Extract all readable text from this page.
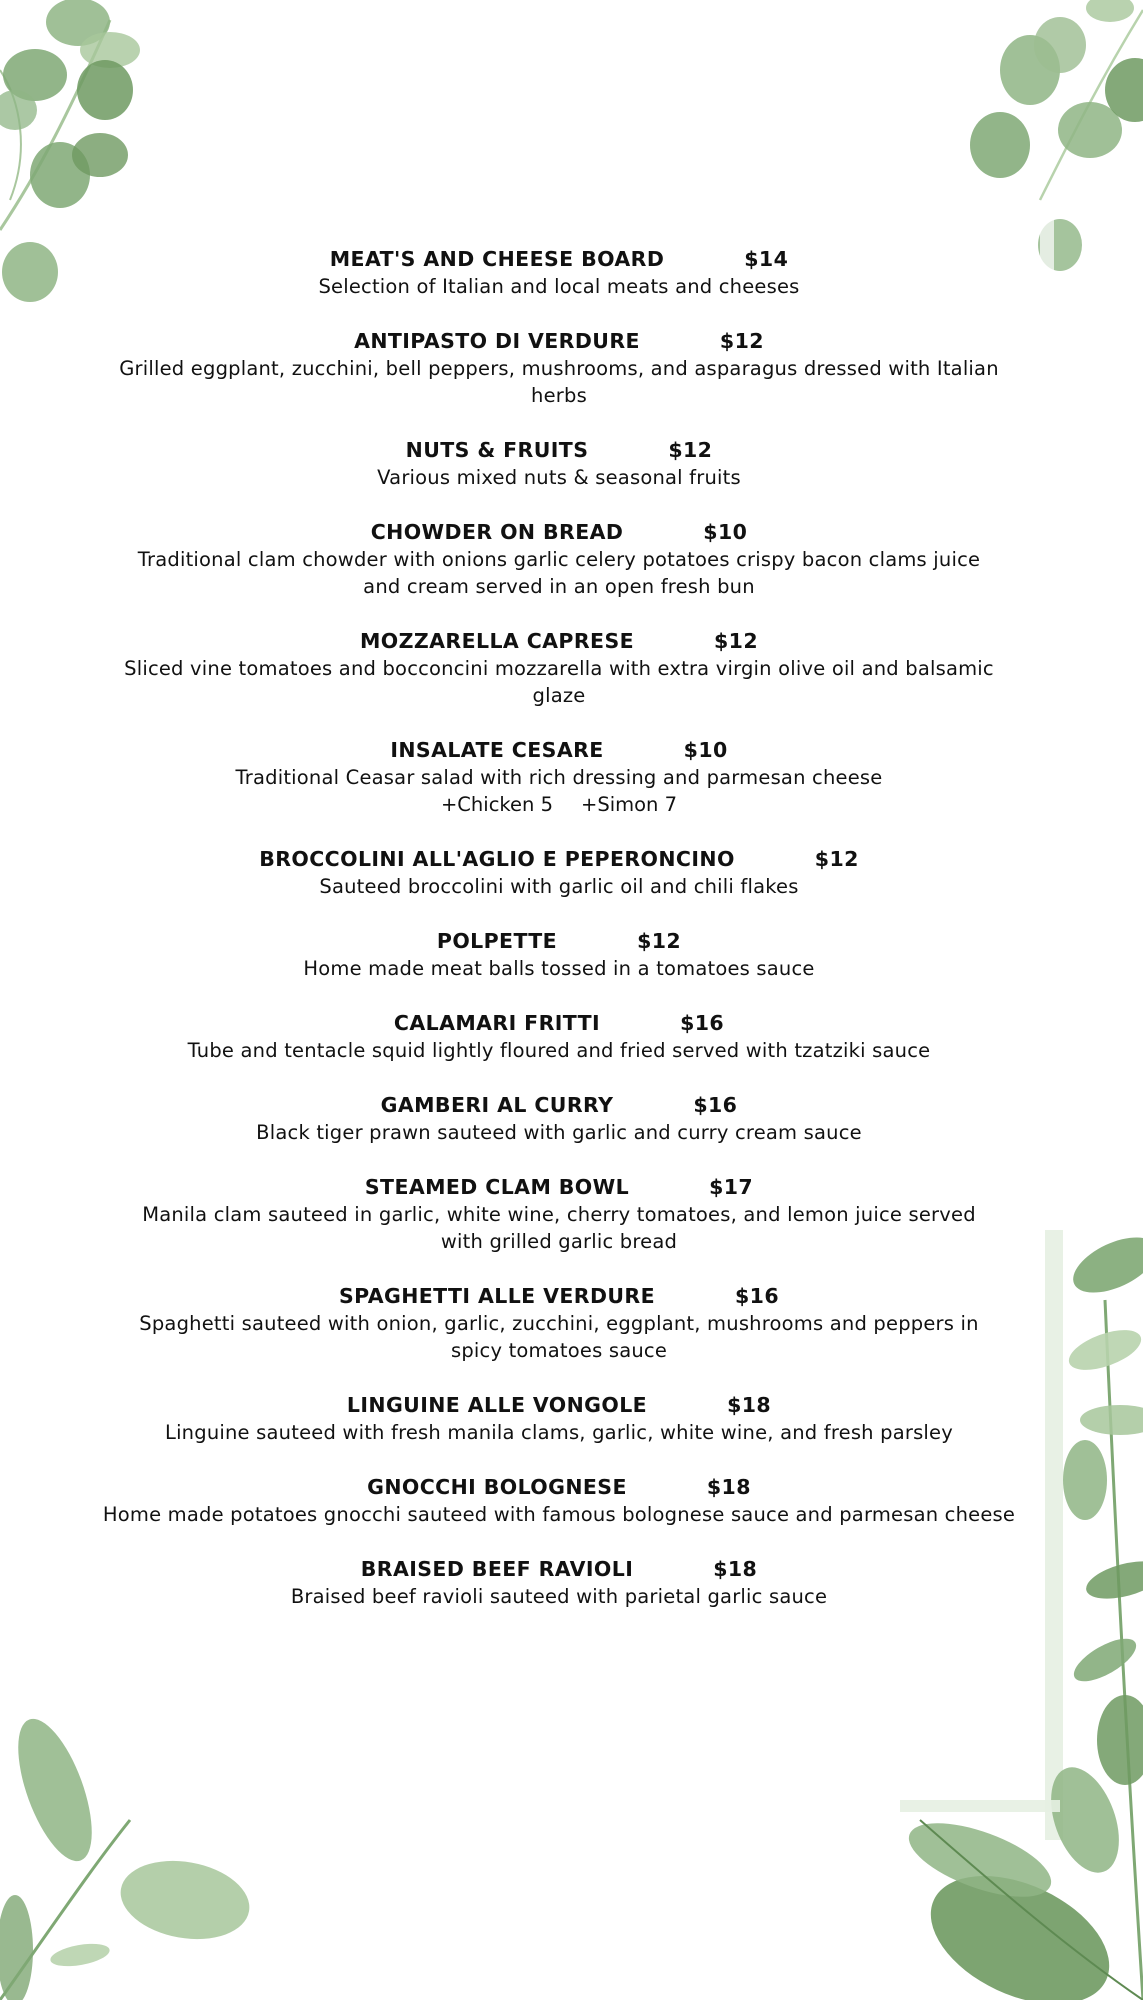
MEAT'S AND CHEESE BOARD	$14
Selection of Italian and local meats and cheeses
ANTIPASTO DI VERDURE	$12
Grilled eggplant, zucchini, bell peppers, mushrooms, and asparagus dressed with Italian herbs
NUTS & FRUITS	$12
Various mixed nuts & seasonal fruits
CHOWDER ON BREAD	$10
Traditional clam chowder with onions garlic celery potatoes crispy bacon clams juice and cream served in an open fresh bun
MOZZARELLA CAPRESE	$12
Sliced vine tomatoes and bocconcini mozzarella with extra virgin olive oil and balsamic glaze
INSALATE CESARE	$10
Traditional Ceasar salad with rich dressing and parmesan cheese
+Chicken 5 +Simon 7
BROCCOLINI ALL'AGLIO E PEPERONCINO	$12
Sauteed broccolini with garlic oil and chili flakes
POLPETTE	$12
Home made meat balls tossed in a tomatoes sauce
CALAMARI FRITTI	$16
Tube and tentacle squid lightly floured and fried served with tzatziki sauce
GAMBERI AL CURRY	$16
Black tiger prawn sauteed with garlic and curry cream sauce
STEAMED CLAM BOWL	$17
Manila clam sauteed in garlic, white wine, cherry tomatoes, and lemon juice served with grilled garlic bread
SPAGHETTI ALLE VERDURE	$16
Spaghetti sauteed with onion, garlic, zucchini, eggplant, mushrooms and peppers in spicy tomatoes sauce
LINGUINE ALLE VONGOLE	$18
Linguine sauteed with fresh manila clams, garlic, white wine, and fresh parsley
GNOCCHI BOLOGNESE	$18
Home made potatoes gnocchi sauteed with famous bolognese sauce and parmesan cheese
BRAISED BEEF RAVIOLI	$18
Braised beef ravioli sauteed with parietal garlic sauce
